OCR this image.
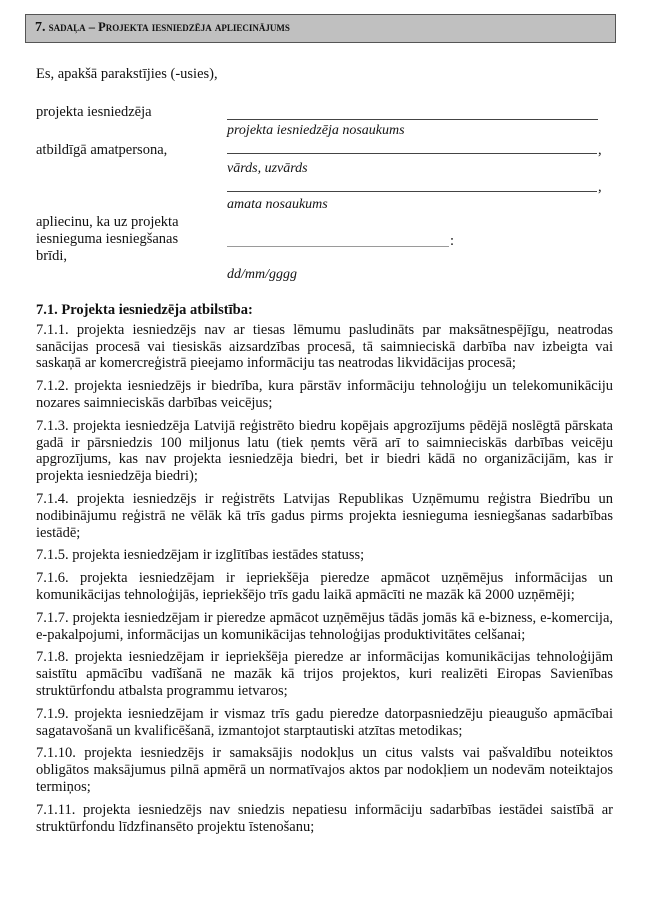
7. sadaļa – Projekta iesniedzēja apliecinājums
Es, apakšā parakstījies (-usies),
projekta iesniedzēja
projekta iesniedzēja nosaukums
atbildīgā amatpersona,	,
vārds, uzvārds
,
amata nosaukums
apliecinu, ka uz projekta
iesnieguma iesniegšanas
brīdi,
:
dd/mm/gggg
7.1. Projekta iesniedzēja atbilstība:

7.1.1. projekta iesniedzējs nav ar tiesas lēmumu pasludināts par maksātnespējīgu, neatrodas sanācijas procesā vai tiesiskās aizsardzības procesā, tā saimnieciskā darbība nav izbeigta vai saskaņā ar komercreģistrā pieejamo informāciju tas neatrodas likvidācijas procesā;

7.1.2. projekta iesniedzējs ir biedrība, kura pārstāv informāciju tehnoloģiju un telekomunikāciju nozares saimnieciskās darbības veicējus;

7.1.3. projekta iesniedzēja Latvijā reģistrēto biedru kopējais apgrozījums pēdējā noslēgtā pārskata gadā ir pārsniedzis 100 miljonus latu (tiek ņemts vērā arī to saimnieciskās darbības veicēju apgrozījums, kas nav projekta iesniedzēja biedri, bet ir biedri kādā no organizācijām, kas ir projekta iesniedzēja biedri);

7.1.4. projekta iesniedzējs ir reģistrēts Latvijas Republikas Uzņēmumu reģistra Biedrību un nodibinājumu reģistrā ne vēlāk kā trīs gadus pirms projekta iesnieguma iesniegšanas sadarbības iestādē;

7.1.5. projekta iesniedzējam ir izglītības iestādes statuss;

7.1.6. projekta iesniedzējam ir iepriekšēja pieredze apmācot uzņēmējus informācijas un komunikācijas tehnoloģijās, iepriekšējo trīs gadu laikā apmācīti ne mazāk kā 2000 uzņēmēji;

7.1.7. projekta iesniedzējam ir pieredze apmācot uzņēmējus tādās jomās kā e-bizness, e-komercija, e-pakalpojumi, informācijas un komunikācijas tehnoloģijas produktivitātes celšanai;

7.1.8. projekta iesniedzējam ir iepriekšēja pieredze ar informācijas komunikācijas tehnoloģijām saistītu apmācību vadīšanā ne mazāk kā trijos projektos, kuri realizēti Eiropas Savienības struktūrfondu atbalsta programmu ietvaros;

7.1.9. projekta iesniedzējam ir vismaz trīs gadu pieredze datorpasniedzēju pieaugušo apmācībai sagatavošanā un kvalificēšanā, izmantojot starptautiski atzītas metodikas;

7.1.10. projekta iesniedzējs ir samaksājis nodokļus un citus valsts vai pašvaldību noteiktos obligātos maksājumus pilnā apmērā un normatīvajos aktos par nodokļiem un nodevām noteiktajos termiņos;

7.1.11. projekta iesniedzējs nav sniedzis nepatiesu informāciju sadarbības iestādei saistībā ar struktūrfondu līdzfinansēto projektu īstenošanu;
